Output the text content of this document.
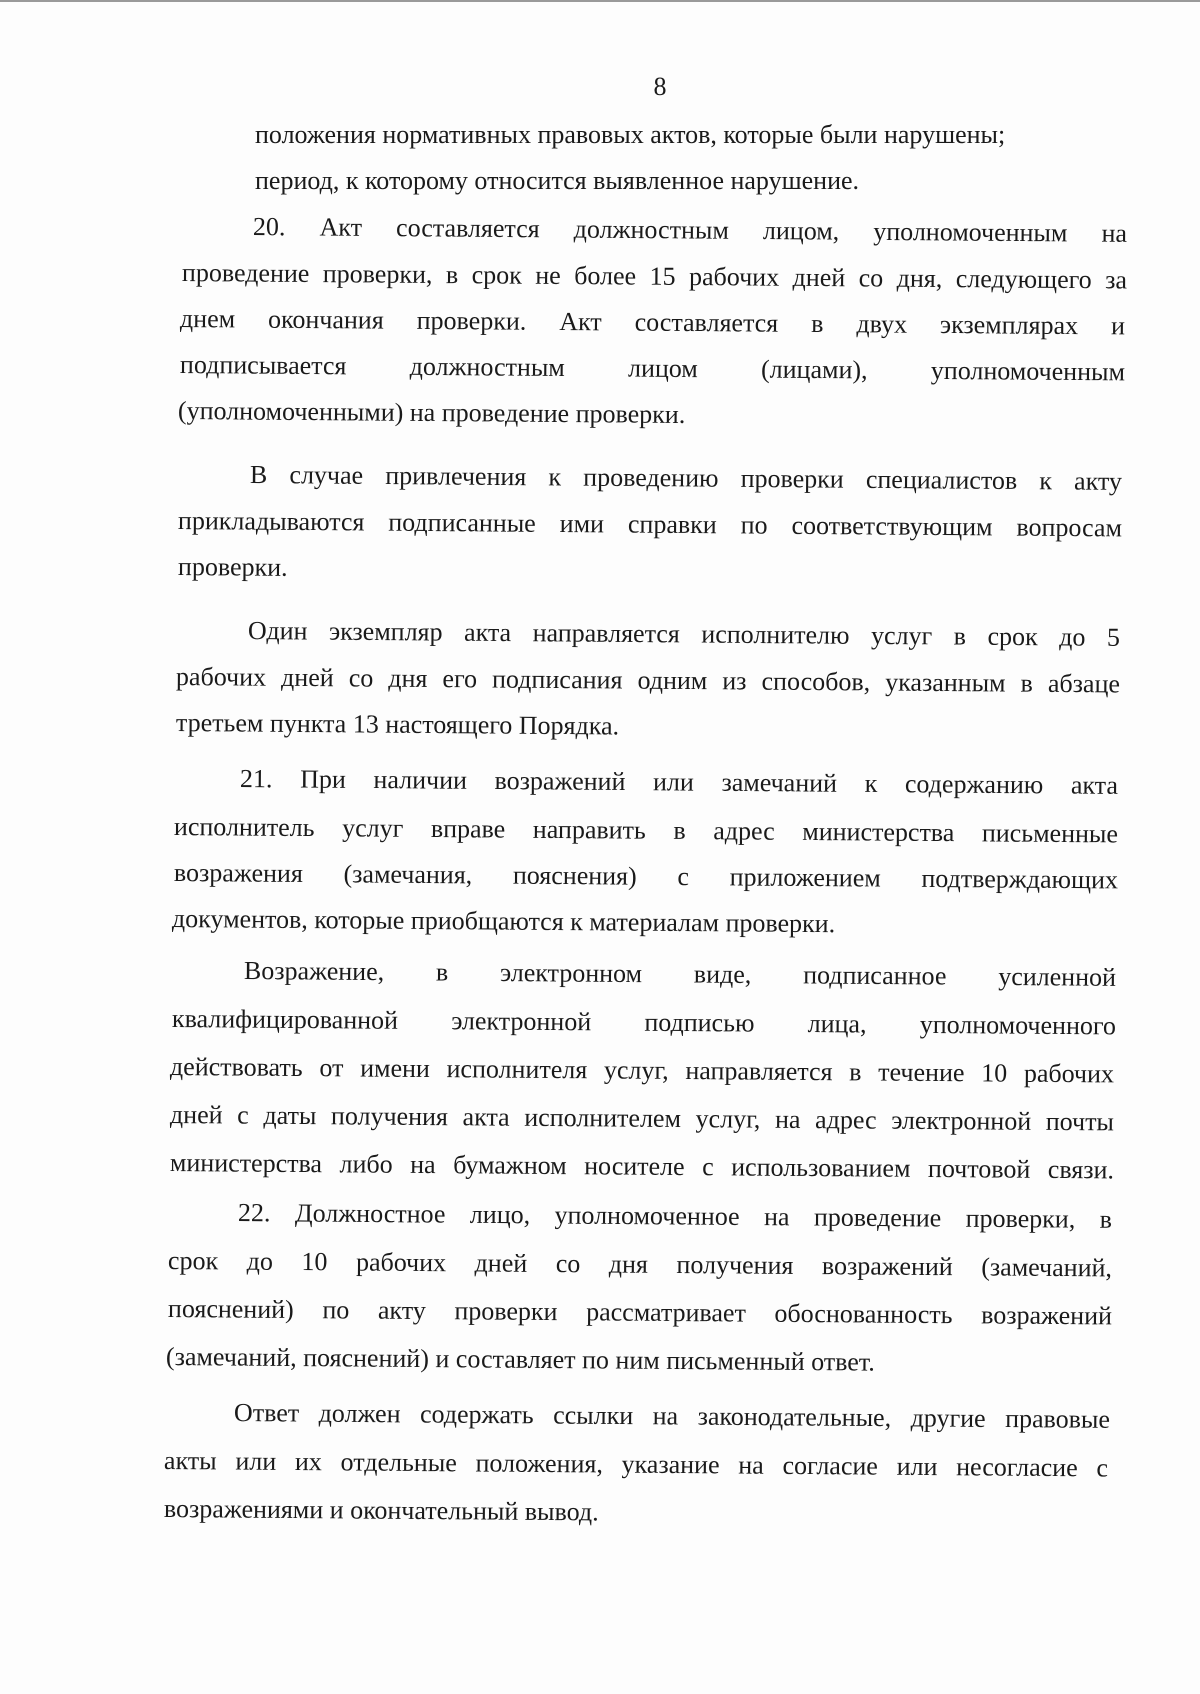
8
положения нормативных правовых актов, которые были нарушены;
период, к которому относится выявленное нарушение.
20. Акт составляется должностным лицом, уполномоченным на
проведение проверки, в срок не более 15 рабочих дней со дня, следующего за
днем окончания проверки. Акт составляется в двух экземплярах и
подписывается должностным лицом (лицами), уполномоченным
(уполномоченными) на проведение проверки.
В случае привлечения к проведению проверки специалистов к акту
прикладываются подписанные ими справки по соответствующим вопросам
проверки.
Один экземпляр акта направляется исполнителю услуг в срок до 5
рабочих дней со дня его подписания одним из способов, указанным в абзаце
третьем пункта 13 настоящего Порядка.
21. При наличии возражений или замечаний к содержанию акта
исполнитель услуг вправе направить в адрес министерства письменные
возражения (замечания, пояснения) с приложением подтверждающих
документов, которые приобщаются к материалам проверки.
Возражение, в электронном виде, подписанное усиленной
квалифицированной электронной подписью лица, уполномоченного
действовать от имени исполнителя услуг, направляется в течение 10 рабочих
дней с даты получения акта исполнителем услуг, на адрес электронной почты
министерства либо на бумажном носителе с использованием почтовой связи.
22. Должностное лицо, уполномоченное на проведение проверки, в
срок до 10 рабочих дней со дня получения возражений (замечаний,
пояснений) по акту проверки рассматривает обоснованность возражений
(замечаний, пояснений) и составляет по ним письменный ответ.
Ответ должен содержать ссылки на законодательные, другие правовые
акты или их отдельные положения, указание на согласие или несогласие с
возражениями и окончательный вывод.
